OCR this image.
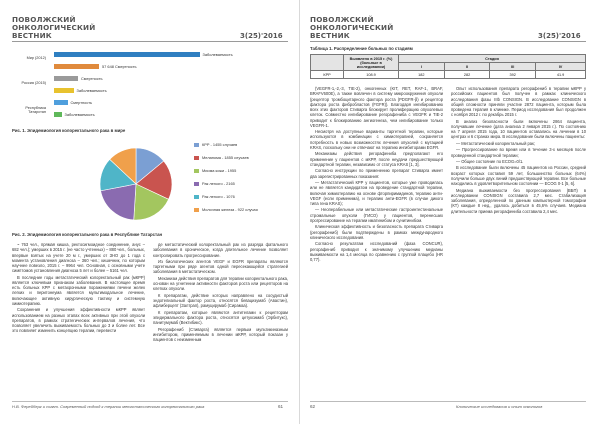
ПОВОЛЖСКИЙ
ОНКОЛОГИЧЕСКИЙ
ВЕСТНИК	3(25)'2016
Мир (2012)
Россия (2015)
Республика Татарстан
Заболеваемость
57 648 Смертность
Смертность
Заболеваемость
Смертность
Заболеваемость
Рис. 1. Эпидемиология колоректального рака в мире
КРР - 1455 случаев
Меланома - 1855 случаев
Миома кожи - 1955
Рак легкого - 2165
Рак легкого - 1076
Молочная железа - 922 случая
Рис. 2. Эпидемиология колоректального рака в Республике Татарстан

~ 763 чел., прямая кишка, ректосигмоидное соединение, анус – 682 чел.); умерших в 2015 г. (не часто учтенных) – 880 чел., больных, впервые взятых на учете 20 м г., умерших от ЗНО до 1 года с момента установления диагноза – 360 чел.; кишечник, по которым научнее повезло, 2015 г. – 9964 чел. Основная, с основными учете симптомов установления диагноза 5 лет и более – 5161 чел.

В последние годы метастатический колоректальный рак (мКРР) является ключевым признаком заболевания. В настоящее время есть больных КРР с метахронными поражениями печени желек легких и перитонеума является мультимодальное лечение, включающее активную хирургическую тактику и системную химиотерапию.

Сохранения и улучшения эффективности мКРР являет использованием на разных этапах всех активных при этой опухоли препаратов, в рамках стратегических интервалов лечения, что позволяет увеличить выживаемость больных до 3 и более лет. Все это повлияет изменить концепцию терапии, перевести

де метастатический колоректальный рак из разряда фатального заболевания в хроническое, когда длительное лечение позволяет контролировать прогрессирование.

Из биологических агентов VEGF и EGFR препараты являются таргетными при ряде агентов одной пересекающейся стратегией заболевания в метастатическом.

Механизм действия препаратов для терапии колоректального рака, основан на угнетении активности факторов роста или рецепторов на клетках опухоли.

К препаратам, действие которых направлено на сосудистый эндотелиальный фактор роста, относятся бевацизумаб (Авастин), афлиберцепт (Залтрап), рамуцирумаб (Сирамза).

К препаратам, которые являются антителами к рецепторам эпидермального фактора роста, относятся цетуксимаб (Эрбитукс), панитумумаб (Вектибикс).

Регорафениб (Стиварга) является первым мультикиназным ингибитором, применяемым в лечении мКРР, который показан у пациентов с неизменным

Н.В. Ферейберг и соавт. Современный подход к терапии метастатического колоректального рака	61
ПОВОЛЖСКИЙ
ОНКОЛОГИЧЕСКИЙ
ВЕСТНИК	3(25)'2016
Таблица 1. Распределение больных по стадиям
	Выявлено в 2015 г. (%) (больные в исследовании)	Стадия			
		I	II	III	IV
КРР	108.9	182	282	392	41.9

(VEGFR-1,-2,-3, TIE-2), онкогенных (KIT, RET, RAF-1, BRAF, BRAFV600E), а также вовлечен в систему микроокружения опухоли (рецептор тромбоцитарного фактора роста (PDGFR-β) и рецептор фактора роста фибробластов (FGFR)). Благодаря ингибированию всех этих факторов Стиварга блокирует пролиферацию опухолевых клеток. Совместно ингибирование регорафениба с VEGFR и TIE-2 приводит к блокированию ангиогенеза, чем ингибирование только VEGFR-1.

Несмотря на доступные варианты таргетной терапии, которые используются в комбинации с химиотерапией, сохраняется потребность в новых возможностях лечения опухолей с мутацией KRAS, поскольку они не отвечают на терапию ингибиторами EGFR.

Механизмы действия регорафениба предполагают его применение у пациентов с мКРР, после неудачи предшествующей стандартной терапии, независимо от статуса KRAS [1, 3].

Согласно инструкции по применению препарат Стиварга имеет два зарегистрированных показания:

— Метастатический КРР у пациентов, которые уже проводилась или не является кандидатом на проведение стандартной терапии, включая химиотерапию на основе фторпиримидинов, терапию анти-VEGF (если применима), и терапию анти-EGFR (в случае дикого типа гена KRAS);

— Неоперабельные или метастатические гастроинтестинальные стромальные опухоли (ГИСО) у пациентов, перенесших прогрессирование на терапии иматинибом и сунитинибом.

Клиническая эффективность и безопасность препарата Стиварга (регорафениб) были подтверждены в рамках международного клинического исследования.

Согласно результатам исследований (фаза CONCUR), регорафениб приводил к значимому улучшению медианы выживаемости на 1,4 месяца по сравнению с группой плацебо (HR 0,77).

Опыт использования препарата регорафениб в терапии мКРР у российских пациентов был получен в рамках клинического исследования фазы IIIb CONSIGN. В исследование CONSIGN в общей сложности приняли участие 2872 пациента, которым была проведена терапия в клинике. Период исследования был продолжен с ноября 2012 г. по декабрь 2015 г.

В анализ безопасности были включены 2864 пациента, получавшие лечение (дата анализа 2 января 2015 г.). По состоянию на 7 апреля 2015 года, 10 пациентов оставались на лечении в 10 центрах и 6 странах мира. В исследование были включены пациенты:

— Метастатический колоректальный рак;

— Прогрессирование во время или в течение 3-х месяцев после проведенной стандартной терапии;

— Общее состояние по ECOG=0/1.

В исследование были включены 45 пациентов из России, средний возраст которых составил 59 лет, большинство больных (64%) получили больше двух линий предшествующей терапии. Все больные находились в удовлетворительном состоянии — ECOG 0-1 [5, 6].

Медиана выживаемости без прогрессирования (ВБП) в исследовании CONSIGN составила 2,7 мес. Стабилизация заболевания, определенной по данным компьютерной томографии (КТ) каждые 8 нед., удалось добиться в 45,6% случаев. Медиана длительности приема регорафениба составила 2,4 мес.

62	Клинические исследования и опыт онкологов
